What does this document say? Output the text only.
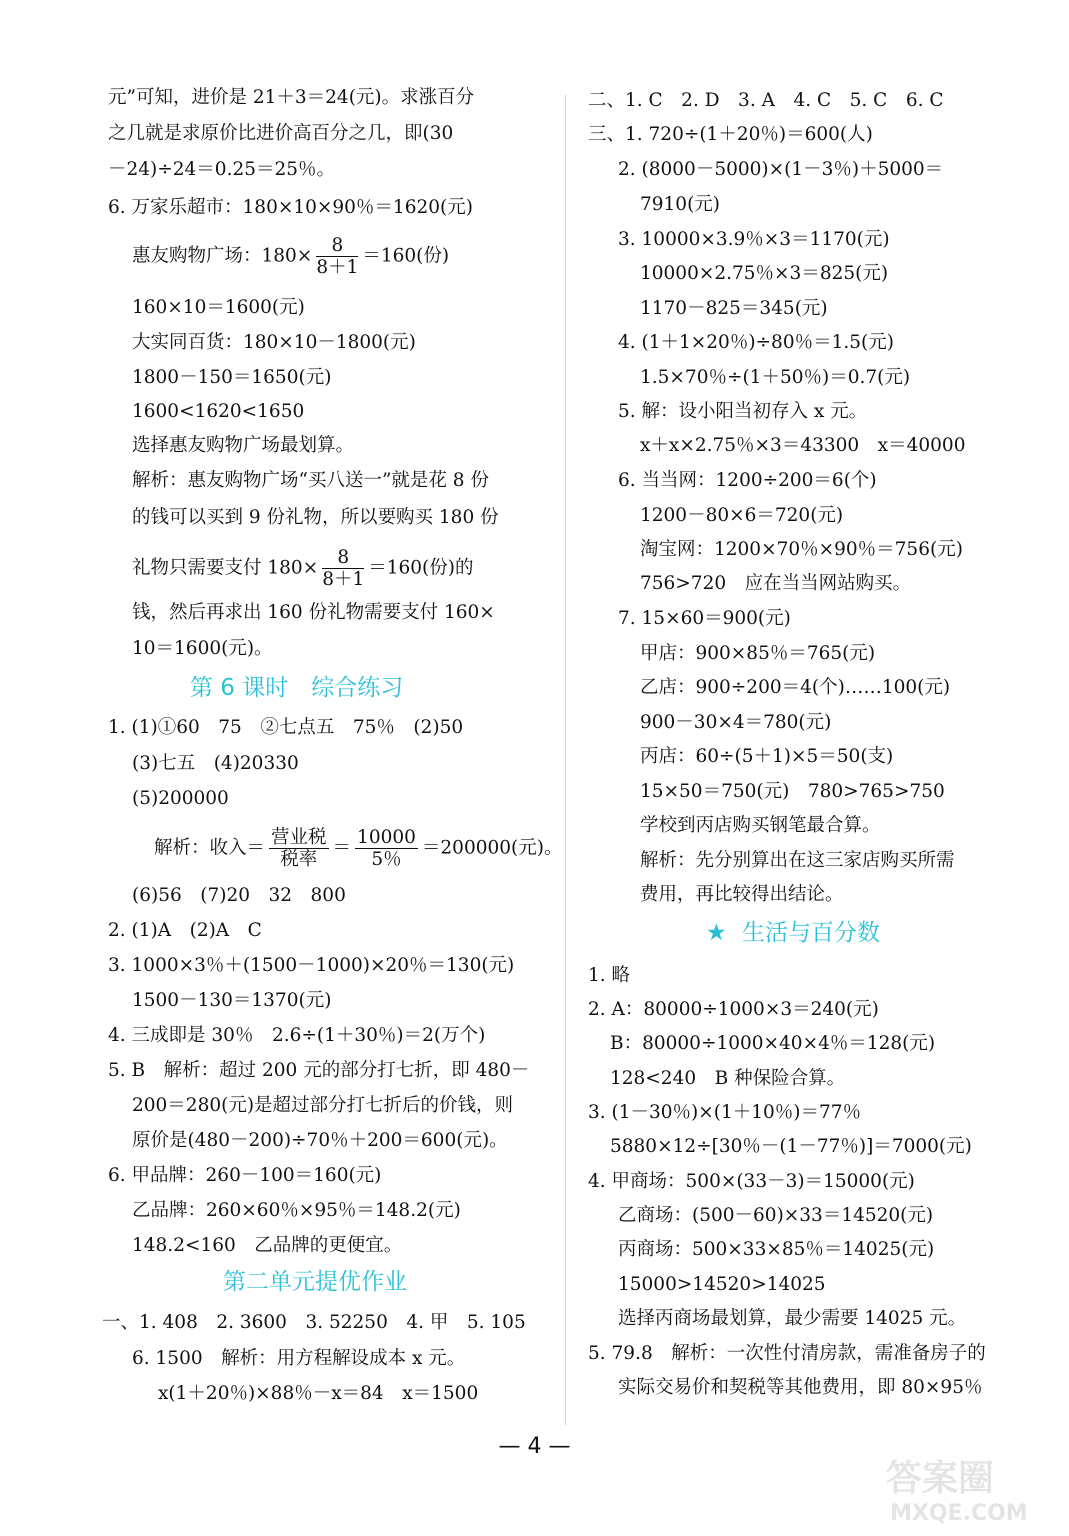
元”可知，进价是 21＋3＝24(元)。求涨百分
之几就是求原价比进价高百分之几，即(30
－24)÷24＝0.25＝25％。
6. 万家乐超市：180×10×90％＝1620(元)
惠友购物广场：$180\times \frac{8}{8+1} =160$(份)
160×10＝1600(元)
大实同百货：180×10－1800(元)
1800－150＝1650(元)
1600<1620<1650
选择惠友购物广场最划算。
解析：惠友购物广场“买八送一”就是花 8 份
的钱可以买到 9 份礼物，所以要购买 180 份
礼物只需要支付 $180\times \frac{8}{8+1} =160$(份)的
钱，然后再求出 160 份礼物需要支付 160×
10＝1600(元)。
第 6 课时　综合练习
1. (1)①60　75　②七点五　75％　(2)50
(3)七五　(4)20330
(5)200000
解析：收入＝ $\frac{\text{营业税}}{\text{税率}} = \frac{10000}{5\%} =200000$(元)。
(6)56　(7)20　32　800
2. (1)A　(2)A　C
3. 1000×3％＋(1500－1000)×20％＝130(元)
1500－130＝1370(元)
4. 三成即是 30％　2.6÷(1＋30％)＝2(万个)
5. B　解析：超过 200 元的部分打七折，即 480－
200＝280(元)是超过部分打七折后的价钱，则
原价是(480－200)÷70％＋200＝600(元)。
6. 甲品牌：260－100＝160(元)
乙品牌：260×60％×95％＝148.2(元)
148.2<160　乙品牌的更便宜。
第二单元提优作业
一、1. 408　2. 3600　3. 52250　4. 甲　5. 105
6. 1500　解析：用方程解设成本 x 元。
x(1＋20％)×88％－x＝84　x＝1500
二、1. C　2. D　3. A　4. C　5. C　6. C
三、1. 720÷(1＋20％)＝600(人)
2. (8000－5000)×(1－3％)＋5000＝
7910(元)
3. 10000×3.9％×3＝1170(元)
10000×2.75％×3＝825(元)
1170－825＝345(元)
4. (1＋1×20％)÷80％＝1.5(元)
1.5×70％÷(1＋50％)＝0.7(元)
5. 解：设小阳当初存入 x 元。
x＋x×2.75％×3＝43300　x＝40000
6. 当当网：1200÷200＝6(个)
1200－80×6＝720(元)
淘宝网：1200×70％×90％＝756(元)
756>720　应在当当网站购买。
7. 15×60＝900(元)
甲店：900×85％＝765(元)
乙店：900÷200＝4(个)……100(元)
900－30×4＝780(元)
丙店：60÷(5＋1)×5＝50(支)
15×50＝750(元)　780>765>750
学校到丙店购买钢笔最合算。
解析：先分别算出在这三家店购买所需
费用，再比较得出结论。
★ 生活与百分数
1. 略
2. A：80000÷1000×3＝240(元)
B：80000÷1000×40×4％＝128(元)
128<240　B 种保险合算。
3. (1－30％)×(1＋10％)＝77％
5880×12÷[30％－(1－77％)]＝7000(元)
4. 甲商场：500×(33－3)＝15000(元)
乙商场：(500－60)×33＝14520(元)
丙商场：500×33×85％＝14025(元)
15000>14520>14025
选择丙商场最划算，最少需要 14025 元。
5. 79.8　解析：一次性付清房款，需准备房子的
实际交易价和契税等其他费用，即 80×95％
— 4 —
答案圈
MXQE.COM
